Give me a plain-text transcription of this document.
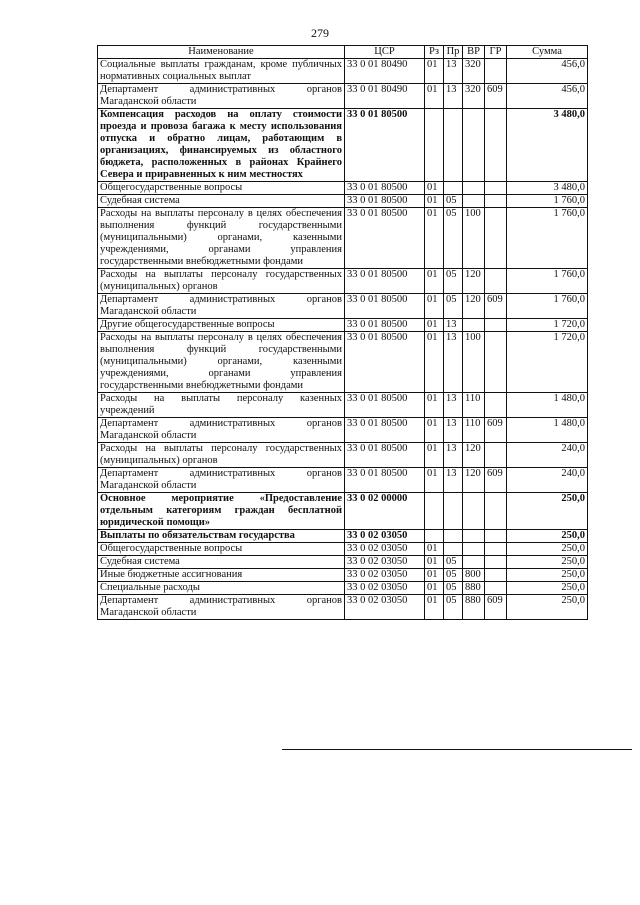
279
Наименование	ЦСР	Рз	Пр	ВР	ГР	Сумма
Социальные выплаты гражданам, кроме публичных нормативных социальных выплат	33 0 01 80490	01	13	320		456,0
Департамент административных органов Магаданской области	33 0 01 80490	01	13	320	609	456,0
Компенсация расходов на оплату стоимости проезда и провоза багажа к месту использования отпуска и обратно лицам, работающим в организациях, финансируемых из областного бюджета, расположенных в районах Крайнего Севера и приравненных к ним местностях	33 0 01 80500					3 480,0
Общегосударственные вопросы	33 0 01 80500	01				3 480,0
Судебная система	33 0 01 80500	01	05			1 760,0
Расходы на выплаты персоналу в целях обеспечения выполнения функций государственными (муниципальными) органами, казенными учреждениями, органами управления государственными внебюджетными фондами	33 0 01 80500	01	05	100		1 760,0
Расходы на выплаты персоналу государственных (муниципальных) органов	33 0 01 80500	01	05	120		1 760,0
Департамент административных органов Магаданской области	33 0 01 80500	01	05	120	609	1 760,0
Другие общегосударственные вопросы	33 0 01 80500	01	13			1 720,0
Расходы на выплаты персоналу в целях обеспечения выполнения функций государственными (муниципальными) органами, казенными учреждениями, органами управления государственными внебюджетными фондами	33 0 01 80500	01	13	100		1 720,0
Расходы на выплаты персоналу казенных учреждений	33 0 01 80500	01	13	110		1 480,0
Департамент административных органов Магаданской области	33 0 01 80500	01	13	110	609	1 480,0
Расходы на выплаты персоналу государственных (муниципальных) органов	33 0 01 80500	01	13	120		240,0
Департамент административных органов Магаданской области	33 0 01 80500	01	13	120	609	240,0
Основное мероприятие «Предоставление отдельным категориям граждан бесплатной юридической помощи»	33 0 02 00000					250,0
Выплаты по обязательствам государства	33 0 02 03050					250,0
Общегосударственные вопросы	33 0 02 03050	01				250,0
Судебная система	33 0 02 03050	01	05			250,0
Иные бюджетные ассигнования	33 0 02 03050	01	05	800		250,0
Специальные расходы	33 0 02 03050	01	05	880		250,0
Департамент административных органов Магаданской области	33 0 02 03050	01	05	880	609	250,0
